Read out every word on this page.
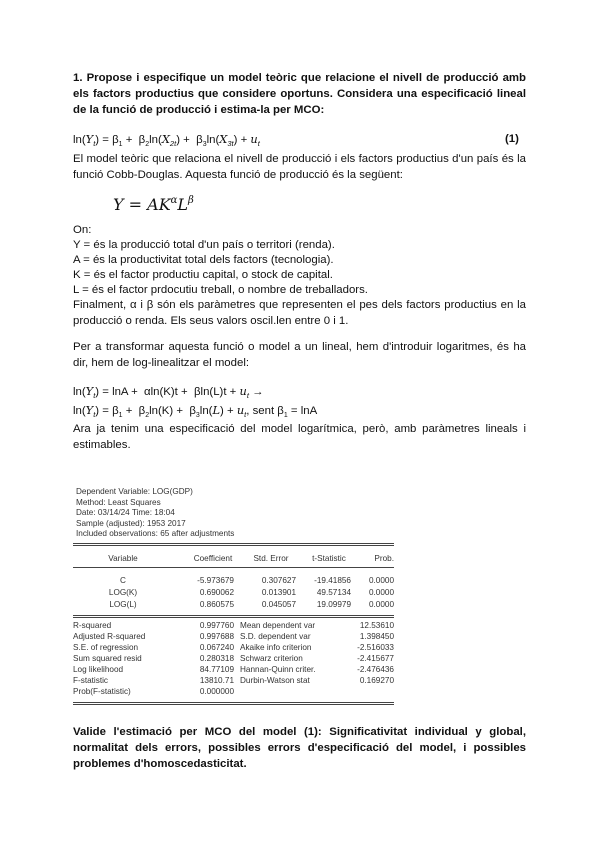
1. Propose i especifique un model teòric que relacione el nivell de producció amb els factors productius que considere oportuns. Considera una especificació lineal de la funció de producció i estima-la per MCO:
$\ln(Y_t) = \beta_1 + \beta_2\ln(X_{2t}) + \beta_3\ln(X_{3t}) + u_t$	(1)
El model teòric que relaciona el nivell de producció i els factors productius d'un país és la funció Cobb-Douglas. Aquesta funció de producció és la següent:
$Y = AK^\alpha L^\beta$
On:
Y = és la producció total d'un país o territori (renda).
A = és la productivitat total dels factors (tecnologia).
K = és el factor productiu capital, o stock de capital.
L = és el factor prdocutiu treball, o nombre de treballadors.
Finalment, α i β són els paràmetres que representen el pes dels factors productius en la producció o renda. Els seus valors oscil.len entre 0 i 1.
Per a transformar aquesta funció o model a un lineal, hem d'introduir logaritmes, és ha dir, hem de log-linealitzar el model:
$\ln(Y_t) = \ln A + \alpha\ln(K)t + \beta\ln(L)t + u_t$ →
$\ln(Y_t) = \beta_1 + \beta_2\ln(K) + \beta_3\ln(L) + u_t$, sent $\beta_1 = \ln A$
Ara ja tenim una especificació del model logarítmica, però, amb paràmetres lineals i estimables.
Dependent Variable: LOG(GDP)
Method: Least Squares
Date: 03/14/24 Time: 18:04
Sample (adjusted): 1953 2017
Included observations: 65 after adjustments
Variable	Coefficient	Std. Error	t-Statistic	Prob.
C	-5.973679	0.307627 -19.41856 0.0000
LOG(K)	0.690062	0.013901	49.57134 0.0000
LOG(L)	0.860575	0.045057	19.09979 0.0000
R-squared	0.997760 Mean dependent var	12.53610
Adjusted R-squared	0.997688 S.D. dependent var	1.398450
S.E. of regression	0.067240 Akaike info criterion	-2.516033
Sum squared resid	0.280318 Schwarz criterion	-2.415677
Log likelihood	84.77109 Hannan-Quinn criter.	-2.476436
F-statistic	13810.71 Durbin-Watson stat	0.169270
Prob(F-statistic)	0.000000
Valide l'estimació per MCO del model (1): Significativitat individual y global, normalitat dels errors, possibles errors d'especificació del model, i possibles problemes d'homoscedasticitat.
